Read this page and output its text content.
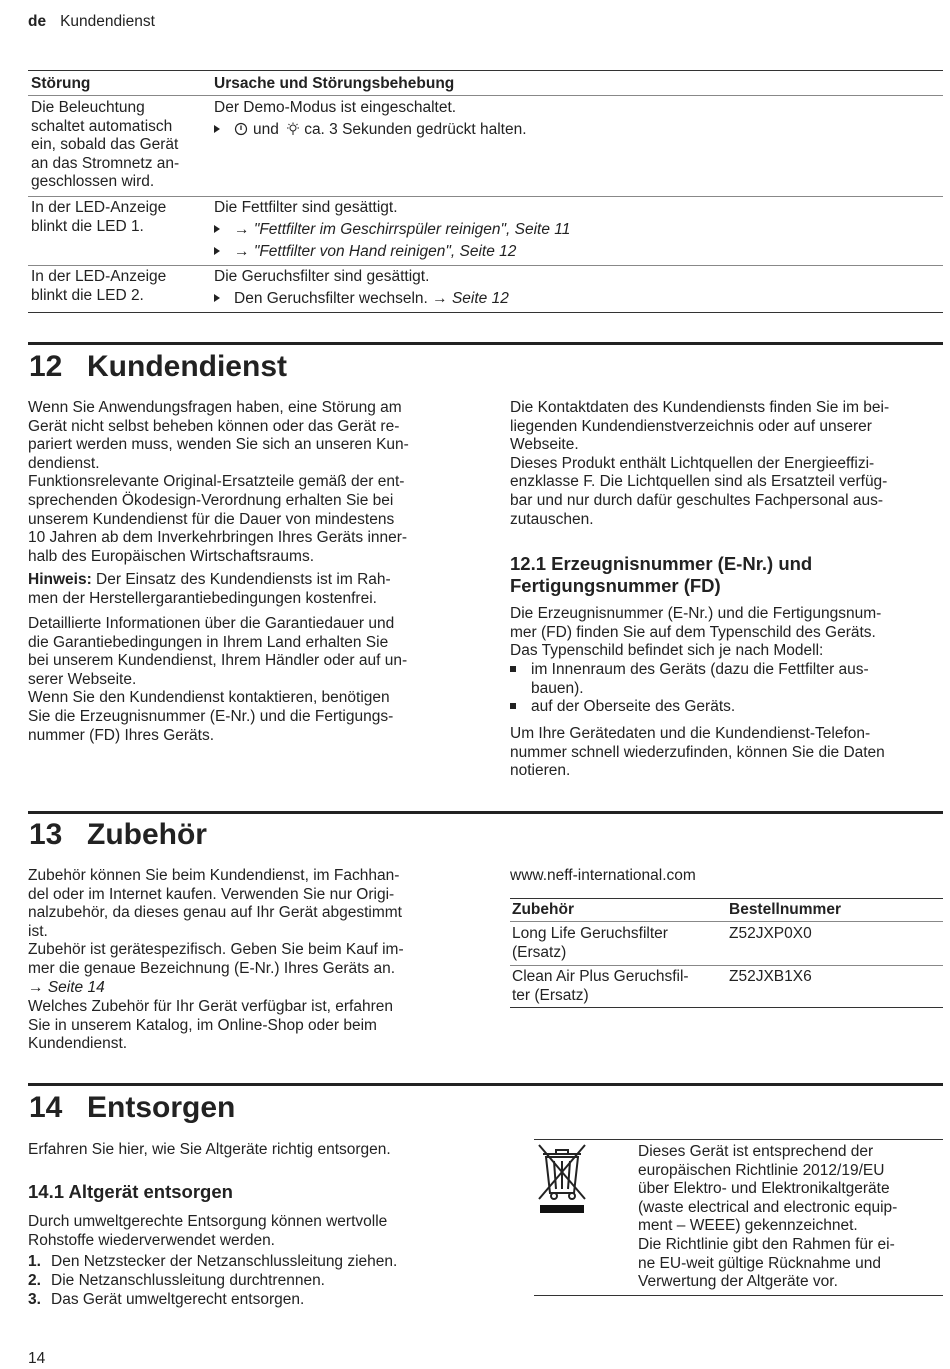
de Kundendienst
Störung	Ursache und Störungsbehebung
Die Beleuchtung
schaltet automatisch
ein, sobald das Gerät
an das Stromnetz an-
geschlossen wird.
Der Demo-Modus ist eingeschaltet.
und ca. 3 Sekunden gedrückt halten.
In der LED-Anzeige
blinkt die LED 1.
Die Fettfilter sind gesättigt.
→ "Fettfilter im Geschirrspüler reinigen", Seite 11
→ "Fettfilter von Hand reinigen", Seite 12
In der LED-Anzeige
blinkt die LED 2.
Die Geruchsfilter sind gesättigt.
Den Geruchsfilter wechseln. → Seite 12
12 Kundendienst
Wenn Sie Anwendungsfragen haben, eine Störung am
Gerät nicht selbst beheben können oder das Gerät re-
pariert werden muss, wenden Sie sich an unseren Kun-
dendienst.
Funktionsrelevante Original-Ersatzteile gemäß der ent-
sprechenden Ökodesign-Verordnung erhalten Sie bei
unserem Kundendienst für die Dauer von mindestens
10 Jahren ab dem Inverkehrbringen Ihres Geräts inner-
halb des Europäischen Wirtschaftsraums.
Hinweis: Der Einsatz des Kundendiensts ist im Rah-
men der Herstellergarantiebedingungen kostenfrei.
Detaillierte Informationen über die Garantiedauer und
die Garantiebedingungen in Ihrem Land erhalten Sie
bei unserem Kundendienst, Ihrem Händler oder auf un-
serer Webseite.
Wenn Sie den Kundendienst kontaktieren, benötigen
Sie die Erzeugnisnummer (E-Nr.) und die Fertigungs-
nummer (FD) Ihres Geräts.
Die Kontaktdaten des Kundendiensts finden Sie im bei-
liegenden Kundendienstverzeichnis oder auf unserer
Webseite.
Dieses Produkt enthält Lichtquellen der Energieeffizi-
enzklasse F. Die Lichtquellen sind als Ersatzteil verfüg-
bar und nur durch dafür geschultes Fachpersonal aus-
zutauschen.
12.1 Erzeugnisnummer (E-Nr.) und
Fertigungsnummer (FD)
Die Erzeugnisnummer (E-Nr.) und die Fertigungsnum-
mer (FD) finden Sie auf dem Typenschild des Geräts.
Das Typenschild befindet sich je nach Modell:
im Innenraum des Geräts (dazu die Fettfilter aus-
bauen).
auf der Oberseite des Geräts.
Um Ihre Gerätedaten und die Kundendienst-Telefon-
nummer schnell wiederzufinden, können Sie die Daten
notieren.
13 Zubehör
Zubehör können Sie beim Kundendienst, im Fachhan-
del oder im Internet kaufen. Verwenden Sie nur Origi-
nalzubehör, da dieses genau auf Ihr Gerät abgestimmt
ist.
Zubehör ist gerätespezifisch. Geben Sie beim Kauf im-
mer die genaue Bezeichnung (E-Nr.) Ihres Geräts an.
→ Seite 14
Welches Zubehör für Ihr Gerät verfügbar ist, erfahren
Sie in unserem Katalog, im Online-Shop oder beim
Kundendienst.
www.neff-international.com
Zubehör	Bestellnummer
Long Life Geruchsfilter
(Ersatz)
Z52JXP0X0
Clean Air Plus Geruchsfil-
ter (Ersatz)
Z52JXB1X6
14 Entsorgen
Erfahren Sie hier, wie Sie Altgeräte richtig entsorgen.
14.1 Altgerät entsorgen
Durch umweltgerechte Entsorgung können wertvolle
Rohstoffe wiederverwendet werden.
1. Den Netzstecker der Netzanschlussleitung ziehen.
2. Die Netzanschlussleitung durchtrennen.
3. Das Gerät umweltgerecht entsorgen.
Dieses Gerät ist entsprechend der
europäischen Richtlinie 2012/19/EU
über Elektro- und Elektronikaltgeräte
(waste electrical and electronic equip-
ment – WEEE) gekennzeichnet.
Die Richtlinie gibt den Rahmen für ei-
ne EU-weit gültige Rücknahme und
Verwertung der Altgeräte vor.
14
